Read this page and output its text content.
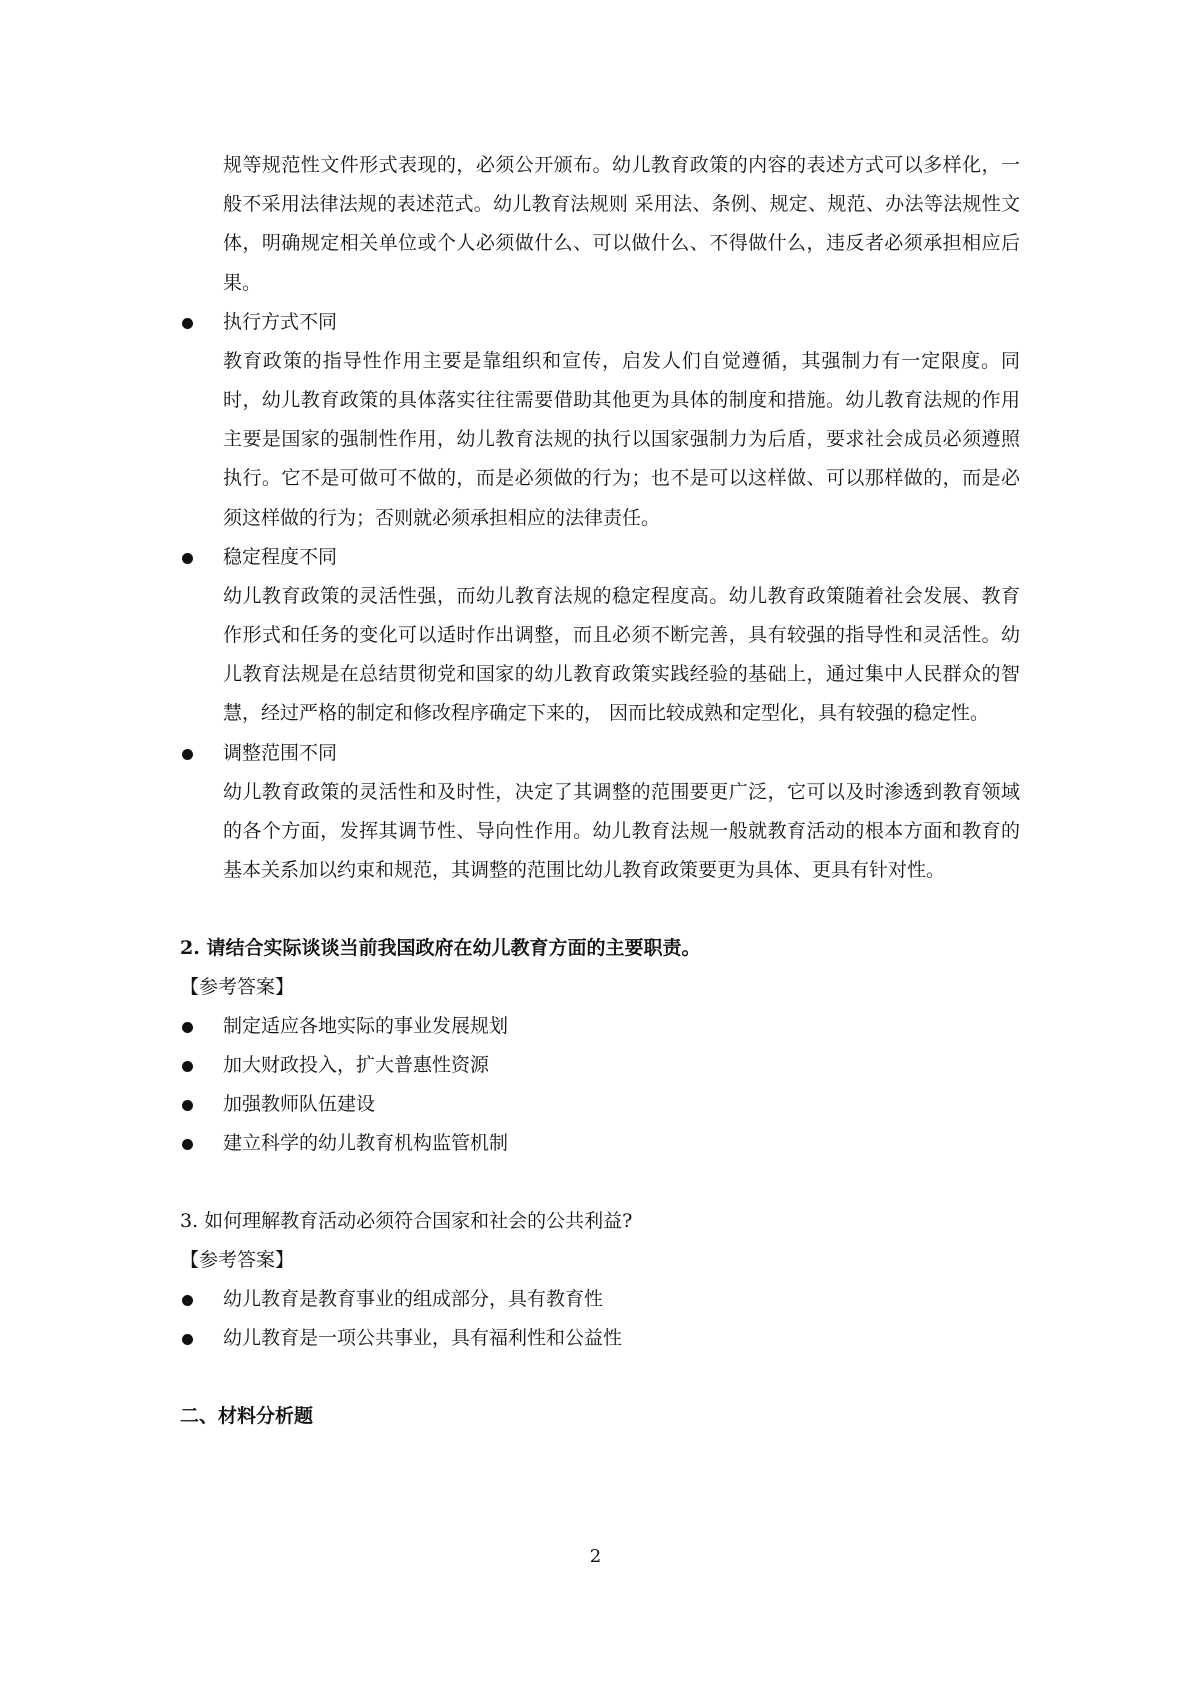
规等规范性文件形式表现的，必须公开颁布。幼儿教育政策的内容的表述方式可以多样化，一般不采用法律法规的表述范式。幼儿教育法规则 采用法、条例、规定、规范、办法等法规性文体，明确规定相关单位或个人必须做什么、可以做什么、不得做什么，违反者必须承担相应后果。
执行方式不同
教育政策的指导性作用主要是靠组织和宣传，启发人们自觉遵循，其强制力有一定限度。同时，幼儿教育政策的具体落实往往需要借助其他更为具体的制度和措施。幼儿教育法规的作用主要是国家的强制性作用，幼儿教育法规的执行以国家强制力为后盾，要求社会成员必须遵照执行。它不是可做可不做的，而是必须做的行为；也不是可以这样做、可以那样做的，而是必须这样做的行为；否则就必须承担相应的法律责任。
稳定程度不同
幼儿教育政策的灵活性强，而幼儿教育法规的稳定程度高。幼儿教育政策随着社会发展、教育作形式和任务的变化可以适时作出调整，而且必须不断完善，具有较强的指导性和灵活性。幼儿教育法规是在总结贯彻党和国家的幼儿教育政策实践经验的基础上，通过集中人民群众的智慧，经过严格的制定和修改程序确定下来的， 因而比较成熟和定型化，具有较强的稳定性。
调整范围不同
幼儿教育政策的灵活性和及时性，决定了其调整的范围要更广泛，它可以及时渗透到教育领域的各个方面，发挥其调节性、导向性作用。幼儿教育法规一般就教育活动的根本方面和教育的基本关系加以约束和规范，其调整的范围比幼儿教育政策要更为具体、更具有针对性。
2. 请结合实际谈谈当前我国政府在幼儿教育方面的主要职责。
【参考答案】
制定适应各地实际的事业发展规划
加大财政投入，扩大普惠性资源
加强教师队伍建设
建立科学的幼儿教育机构监管机制
3. 如何理解教育活动必须符合国家和社会的公共利益?
【参考答案】
幼儿教育是教育事业的组成部分，具有教育性
幼儿教育是一项公共事业，具有福利性和公益性
二、材料分析题
2
